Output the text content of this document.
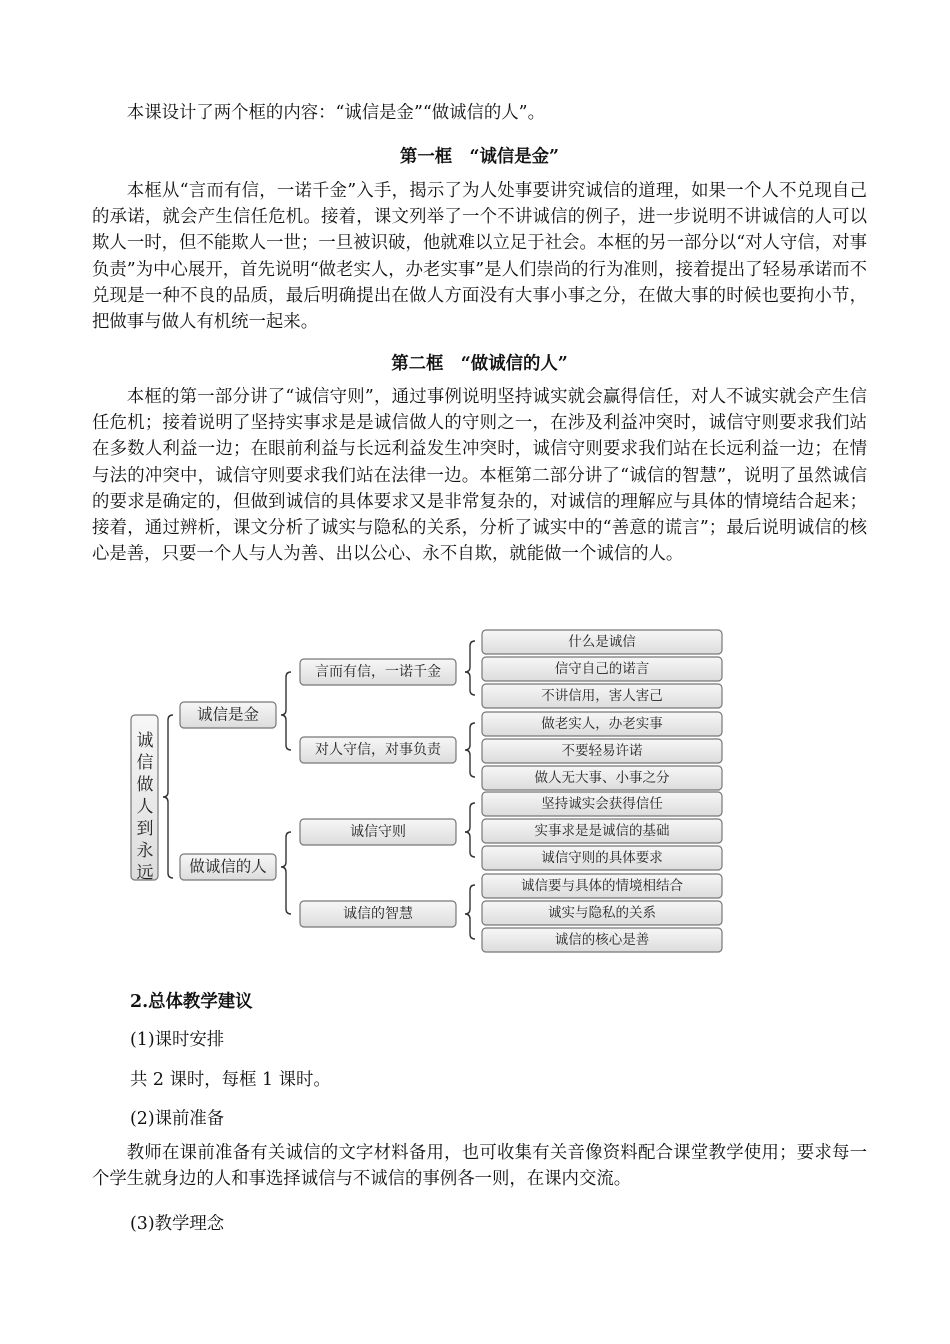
本课设计了两个框的内容：“诚信是金”“做诚信的人”。

第一框　“诚信是金”

本框从“言而有信，一诺千金”入手，揭示了为人处事要讲究诚信的道理，如果一个人不兑现自己的承诺，就会产生信任危机。接着，课文列举了一个不讲诚信的例子，进一步说明不讲诚信的人可以欺人一时，但不能欺人一世；一旦被识破，他就难以立足于社会。本框的另一部分以“对人守信，对事负责”为中心展开，首先说明“做老实人，办老实事”是人们崇尚的行为准则，接着提出了轻易承诺而不兑现是一种不良的品质，最后明确提出在做人方面没有大事小事之分，在做大事的时候也要拘小节，把做事与做人有机统一起来。

第二框　“做诚信的人”

本框的第一部分讲了“诚信守则”，通过事例说明坚持诚实就会赢得信任，对人不诚实就会产生信任危机；接着说明了坚持实事求是是诚信做人的守则之一，在涉及利益冲突时，诚信守则要求我们站在多数人利益一边；在眼前利益与长远利益发生冲突时，诚信守则要求我们站在长远利益一边；在情与法的冲突中，诚信守则要求我们站在法律一边。本框第二部分讲了“诚信的智慧”，说明了虽然诚信的要求是确定的，但做到诚信的具体要求又是非常复杂的，对诚信的理解应与具体的情境结合起来；接着，通过辨析，课文分析了诚实与隐私的关系，分析了诚实中的“善意的谎言”；最后说明诚信的核心是善，只要一个人与人为善、出以公心、永不自欺，就能做一个诚信的人。

诚信做人到永远
诚信是金
言而有信，一诺千金
什么是诚信
信守自己的诺言
不讲信用，害人害己
对人守信，对事负责
做老实人，办老实事
不要轻易许诺
做人无大事、小事之分
做诚信的人
诚信守则
坚持诚实会获得信任
实事求是是诚信的基础
诚信守则的具体要求
诚信的智慧
诚信要与具体的情境相结合
诚实与隐私的关系
诚信的核心是善

2.总体教学建议

(1)课时安排

共 2 课时，每框 1 课时。

(2)课前准备

教师在课前准备有关诚信的文字材料备用，也可收集有关音像资料配合课堂教学使用；要求每一个学生就身边的人和事选择诚信与不诚信的事例各一则，在课内交流。

(3)教学理念
